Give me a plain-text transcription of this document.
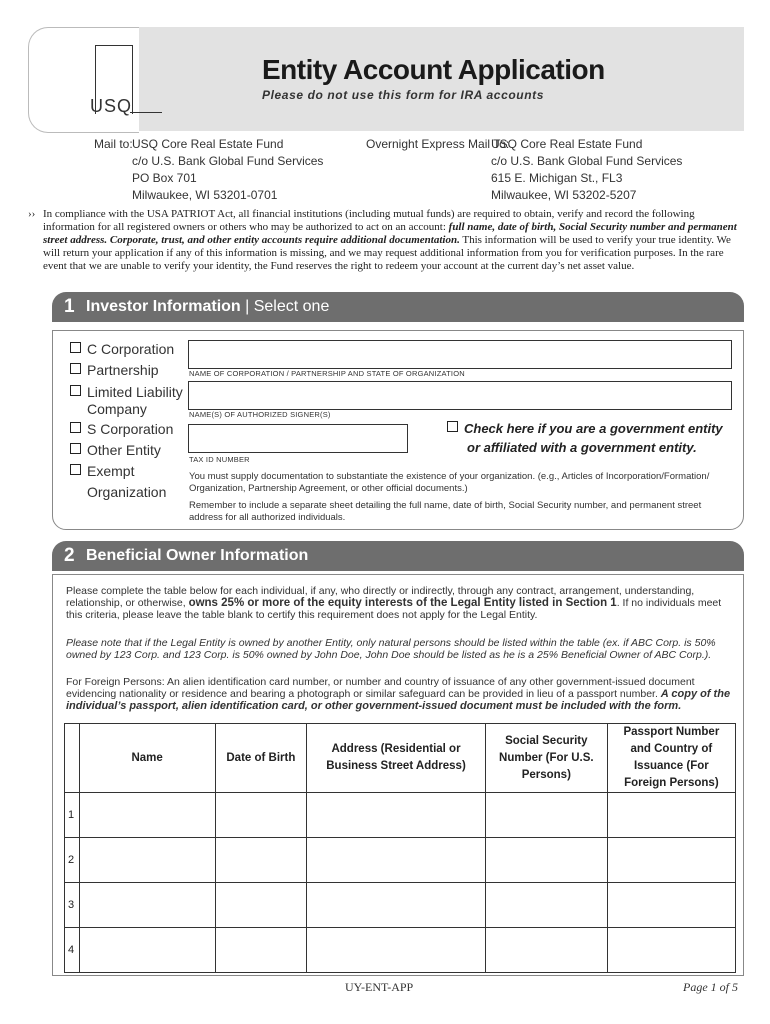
USQ
Entity Account Application
Please do not use this form for IRA accounts
Mail to: USQ Core Real Estate Fund
c/o U.S. Bank Global Fund Services
PO Box 701
Milwaukee, WI 53201-0701
Overnight Express Mail To:
USQ Core Real Estate Fund
c/o U.S. Bank Global Fund Services
615 E. Michigan St., FL3
Milwaukee, WI 53202-5207
›› In compliance with the USA PATRIOT Act, all financial institutions (including mutual funds) are required to obtain, verify and record the following information for all registered owners or others who may be authorized to act on an account: full name, date of birth, Social Security number and permanent street address. Corporate, trust, and other entity accounts require additional documentation. This information will be used to verify your true identity. We will return your application if any of this information is missing, and we may request additional information from you for verification purposes. In the rare event that we are unable to verify your identity, the Fund reserves the right to redeem your account at the current day’s net asset value.
1 Investor Information | Select one
C Corporation
Partnership
Limited Liability
Company
S Corporation
Other Entity
Exempt
Organization
NAME OF CORPORATION / PARTNERSHIP AND STATE OF ORGANIZATION
NAME(S) OF AUTHORIZED SIGNER(S)
TAX ID NUMBER
Check here if you are a government entity
or affiliated with a government entity.
You must supply documentation to substantiate the existence of your organization. (e.g., Articles of Incorporation/Formation/ Organization, Partnership Agreement, or other official documents.)
Remember to include a separate sheet detailing the full name, date of birth, Social Security number, and permanent street address for all authorized individuals.
2 Beneficial Owner Information
Please complete the table below for each individual, if any, who directly or indirectly, through any contract, arrangement, understanding, relationship, or otherwise, owns 25% or more of the equity interests of the Legal Entity listed in Section 1. If no individuals meet this criteria, please leave the table blank to certify this requirement does not apply for the Legal Entity.
Please note that if the Legal Entity is owned by another Entity, only natural persons should be listed within the table (ex. if ABC Corp. is 50% owned by 123 Corp. and 123 Corp. is 50% owned by John Doe, John Doe should be listed as he is a 25% Beneficial Owner of ABC Corp.).
For Foreign Persons: An alien identification card number, or number and country of issuance of any other government-issued document evidencing nationality or residence and bearing a photograph or similar safeguard can be provided in lieu of a passport number. A copy of the individual’s passport, alien identification card, or other government-issued document must be included with the form.
	Name	Date of Birth	Address (Residential or Business Street Address)	Social Security Number (For U.S. Persons)	Passport Number and Country of Issuance (For Foreign Persons)
1					
2					
3					
4					
UY-ENT-APP	Page 1 of 5
